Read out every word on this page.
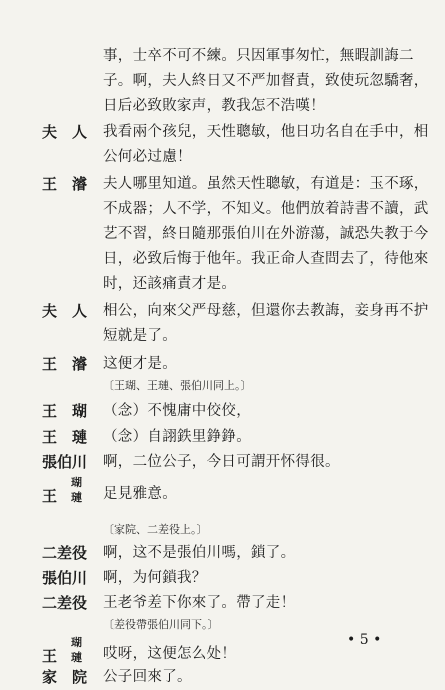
事，士卒不可不練。只因軍事匆忙，無暇訓誨二
子。啊，夫人終日又不严加督責，致使玩忽驕奢，
日后必致敗家声，教我怎不浩嘆！
夫　人 我看兩个孩兒，天性聰敏，他日功名自在手中，相
公何必过慮！
王　濬 夫人哪里知道。虽然天性聰敏，有道是：玉不琢，
不成器；人不学，不知义。他們放着詩書不讀，武
艺不習，終日隨那張伯川在外游蕩，誠恐失教于今
日，必致后悔于他年。我正命人查問去了，待他來
时，还該痛責才是。
夫　人 相公，向來父严母慈，但還你去教誨，妾身再不护
短就是了。
王　濬 这便才是。
〔王瑚、王璉、張伯川同上。〕
王　瑚 （念）不愧庸中佼佼，
王　璉 （念）自詡鉄里錚錚。
張伯川 啊，二位公子，今日可謂开怀得很。
王
瑚
璉 足見雅意。
〔家院、二差役上。〕
二差役 啊，这不是張伯川嗎，鎖了。
張伯川 啊，为何鎖我？
二差役 王老爷差下你來了。帶了走！
〔差役帶張伯川同下。〕
王
瑚
璉 哎呀，这便怎么处！
家　院 公子回來了。
• 5 •
